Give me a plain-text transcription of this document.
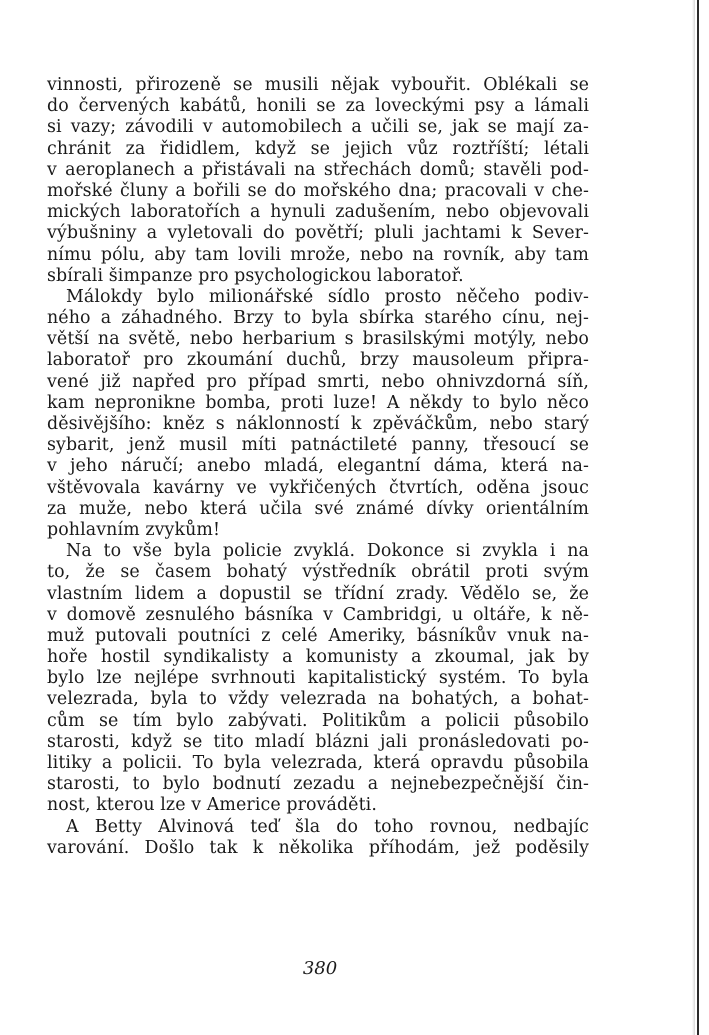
vinnosti, přirozeně se musili nějak vybouřit. Oblékali se
do červených kabátů, honili se za loveckými psy a lámali
si vazy; závodili v automobilech a učili se, jak se mají za-
chránit za řididlem, když se jejich vůz roztříští; létali
v aeroplanech a přistávali na střechách domů; stavěli pod-
mořské čluny a bořili se do mořského dna; pracovali v che-
mických laboratořích a hynuli zadušením, nebo objevovali
výbušniny a vyletovali do povětří; pluli jachtami k Sever-
nímu pólu, aby tam lovili mrože, nebo na rovník, aby tam
sbírali šimpanze pro psychologickou laboratoř.
Málokdy bylo milionářské sídlo prosto něčeho podiv-
ného a záhadného. Brzy to byla sbírka starého cínu, nej-
větší na světě, nebo herbarium s brasilskými motýly, nebo
laboratoř pro zkoumání duchů, brzy mausoleum připra-
vené již napřed pro případ smrti, nebo ohnivzdorná síň,
kam nepronikne bomba, proti luze! A někdy to bylo něco
děsivějšího: kněz s náklonností k zpěváčkům, nebo starý
sybarit, jenž musil míti patnáctileté panny, třesoucí se
v jeho náručí; anebo mladá, elegantní dáma, která na-
vštěvovala kavárny ve vykřičených čtvrtích, oděna jsouc
za muže, nebo která učila své známé dívky orientálním
pohlavním zvykům!
Na to vše byla policie zvyklá. Dokonce si zvykla i na
to, že se časem bohatý výstředník obrátil proti svým
vlastním lidem a dopustil se třídní zrady. Vědělo se, že
v domově zesnulého básníka v Cambridgi, u oltáře, k ně-
muž putovali poutníci z celé Ameriky, básníkův vnuk na-
hoře hostil syndikalisty a komunisty a zkoumal, jak by
bylo lze nejlépe svrhnouti kapitalistický systém. To byla
velezrada, byla to vždy velezrada na bohatých, a bohat-
cům se tím bylo zabývati. Politikům a policii působilo
starosti, když se tito mladí blázni jali pronásledovati po-
litiky a policii. To byla velezrada, která opravdu působila
starosti, to bylo bodnutí zezadu a nejnebezpečnější čin-
nost, kterou lze v Americe prováděti.
A Betty Alvinová teď šla do toho rovnou, nedbajíc
varování. Došlo tak k několika příhodám, jež poděsily
380
